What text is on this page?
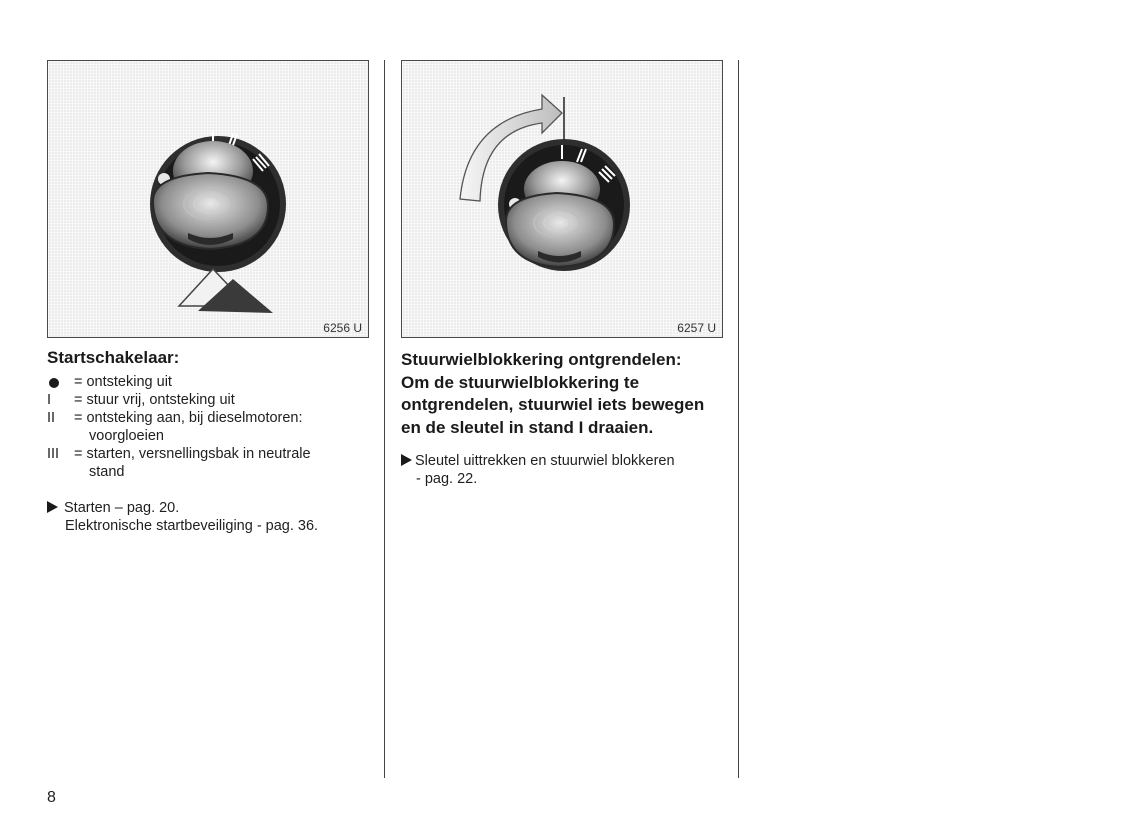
6256 U	6257 U
Startschakelaar:
= ontsteking uit
I = stuur vrij, ontsteking uit
II = ontsteking aan, bij dieselmotoren:
voorgloeien
III = starten, versnellingsbak in neutrale
stand
Starten – pag. 20.
Elektronische startbeveiliging - pag. 36.
Stuurwielblokkering ontgrendelen:
Om de stuurwielblokkering te
ontgrendelen, stuurwiel iets bewegen
en de sleutel in stand I draaien.
Sleutel uittrekken en stuurwiel blokkeren
- pag. 22.
8
